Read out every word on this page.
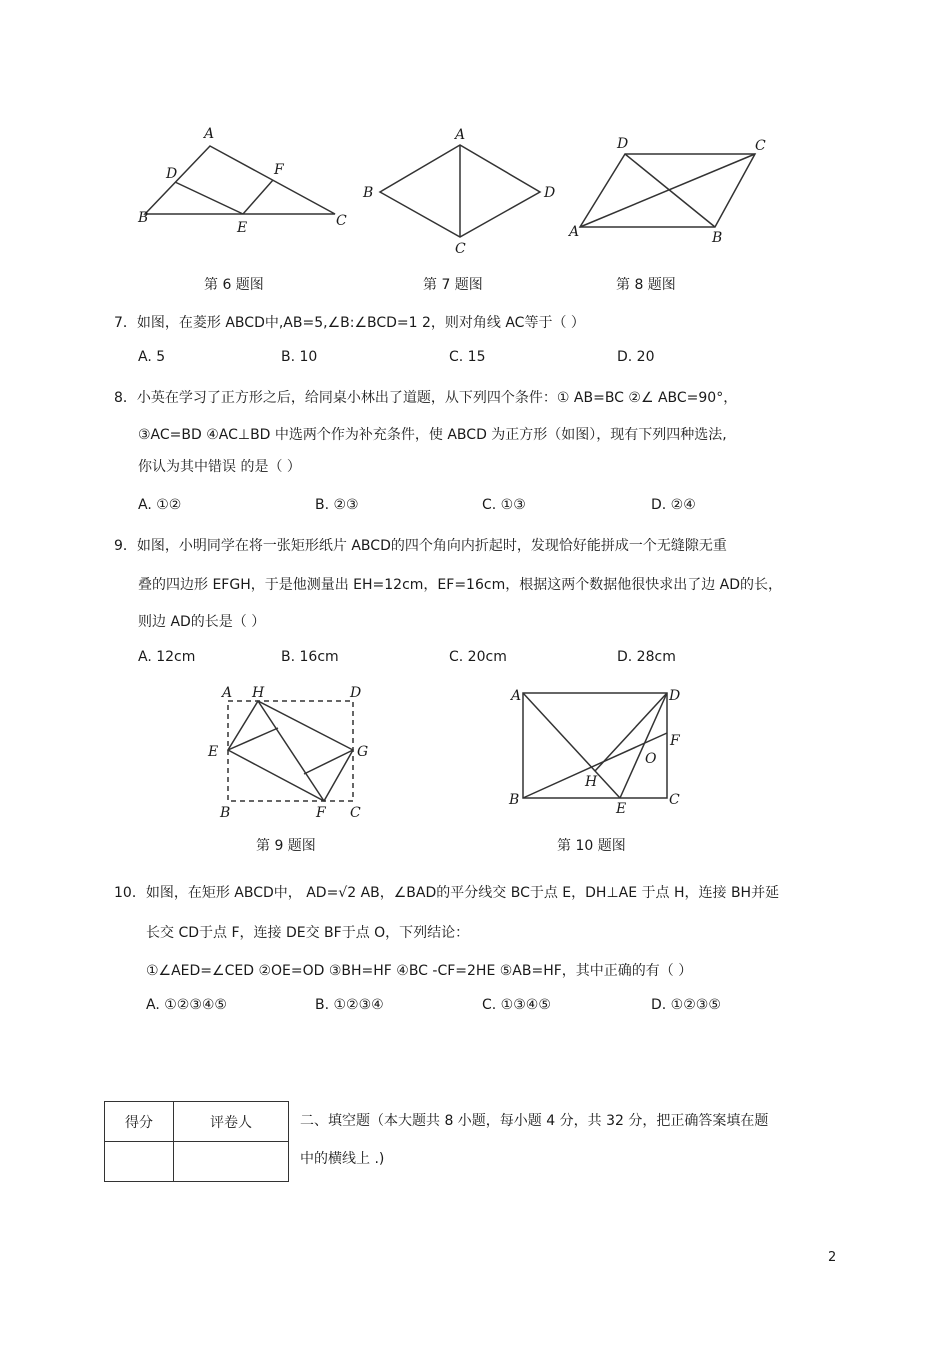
A
D	F
B
E	C
A
B	D
C
D	C
A	B
第 6 题图	第 7 题图	第 8 题图
7．如图，在菱形 ABCD中,AB=5,∠B:∠BCD=1 2，则对角线 AC等于（ ）
A. 5	B. 10	C. 15	D. 20
8．小英在学习了正方形之后，给同桌小林出了道题，从下列四个条件：① AB=BC ②∠ ABC=90°，
③AC=BD ④AC⊥BD 中选两个作为补充条件，使 ABCD 为正方形（如图），现有下列四种选法,
你认为其中错误 的是（ ）
A. ①②	B. ②③	C. ①③	D. ②④
9．如图，小明同学在将一张矩形纸片 ABCD的四个角向内折起时，发现恰好能拼成一个无缝隙无重
叠的四边形 EFGH，于是他测量出 EH=12cm，EF=16cm，根据这两个数据他很快求出了边 AD的长，
则边 AD的长是（ ）
A. 12cm	B. 16cm	C. 20cm	D. 28cm
A H	D
E	G
B	F C
A	D
F
O
H
B
E
C
第 9 题图	第 10 题图
10．如图，在矩形 ABCD中， AD=√2 AB，∠BAD的平分线交 BC于点 E，DH⊥AE 于点 H，连接 BH并延
长交 CD于点 F，连接 DE交 BF于点 O，下列结论：
①∠AED=∠CED ②OE=OD ③BH=HF ④BC -CF=2HE ⑤AB=HF，其中正确的有（ ）
A. ①②③④⑤	B. ①②③④	C. ①③④⑤	D. ①②③⑤
得分	评卷人
		二、填空题（本大题共 8 小题，每小题 4 分，共 32 分，把正确答案填在题
中的横线上 .)
2
